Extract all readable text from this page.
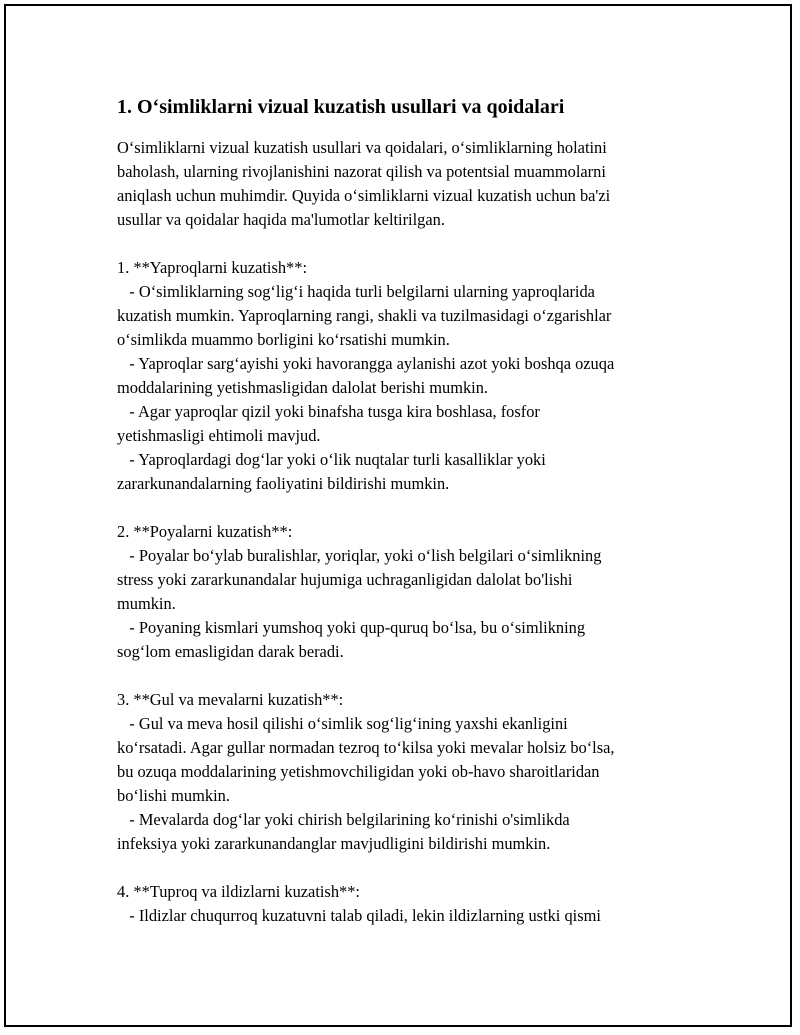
1. O‘simliklarni vizual kuzatish usullari va qoidalari
O‘simliklarni vizual kuzatish usullari va qoidalari, o‘simliklarning holatini
baholash, ularning rivojlanishini nazorat qilish va potentsial muammolarni
aniqlash uchun muhimdir. Quyida o‘simliklarni vizual kuzatish uchun ba'zi
usullar va qoidalar haqida ma'lumotlar keltirilgan.
1. **Yaproqlarni kuzatish**:
- O‘simliklarning sog‘lig‘i haqida turli belgilarni ularning yaproqlarida
kuzatish mumkin. Yaproqlarning rangi, shakli va tuzilmasidagi o‘zgarishlar
o‘simlikda muammo borligini ko‘rsatishi mumkin.
- Yaproqlar sarg‘ayishi yoki havorangga aylanishi azot yoki boshqa ozuqa
moddalarining yetishmasligidan dalolat berishi mumkin.
- Agar yaproqlar qizil yoki binafsha tusga kira boshlasa, fosfor
yetishmasligi ehtimoli mavjud.
- Yaproqlardagi dog‘lar yoki o‘lik nuqtalar turli kasalliklar yoki
zararkunandalarning faoliyatini bildirishi mumkin.
2. **Poyalarni kuzatish**:
- Poyalar bo‘ylab buralishlar, yoriqlar, yoki o‘lish belgilari o‘simlikning
stress yoki zararkunandalar hujumiga uchraganligidan dalolat bo'lishi
mumkin.
- Poyaning kismlari yumshoq yoki qup-quruq bo‘lsa, bu o‘simlikning
sog‘lom emasligidan darak beradi.
3. **Gul va mevalarni kuzatish**:
- Gul va meva hosil qilishi o‘simlik sog‘lig‘ining yaxshi ekanligini
ko‘rsatadi. Agar gullar normadan tezroq to‘kilsa yoki mevalar holsiz bo‘lsa,
bu ozuqa moddalarining yetishmovchiligidan yoki ob-havo sharoitlaridan
bo‘lishi mumkin.
- Mevalarda dog‘lar yoki chirish belgilarining ko‘rinishi o'simlikda
infeksiya yoki zararkunandanglar mavjudligini bildirishi mumkin.
4. **Tuproq va ildizlarni kuzatish**:
- Ildizlar chuqurroq kuzatuvni talab qiladi, lekin ildizlarning ustki qismi
